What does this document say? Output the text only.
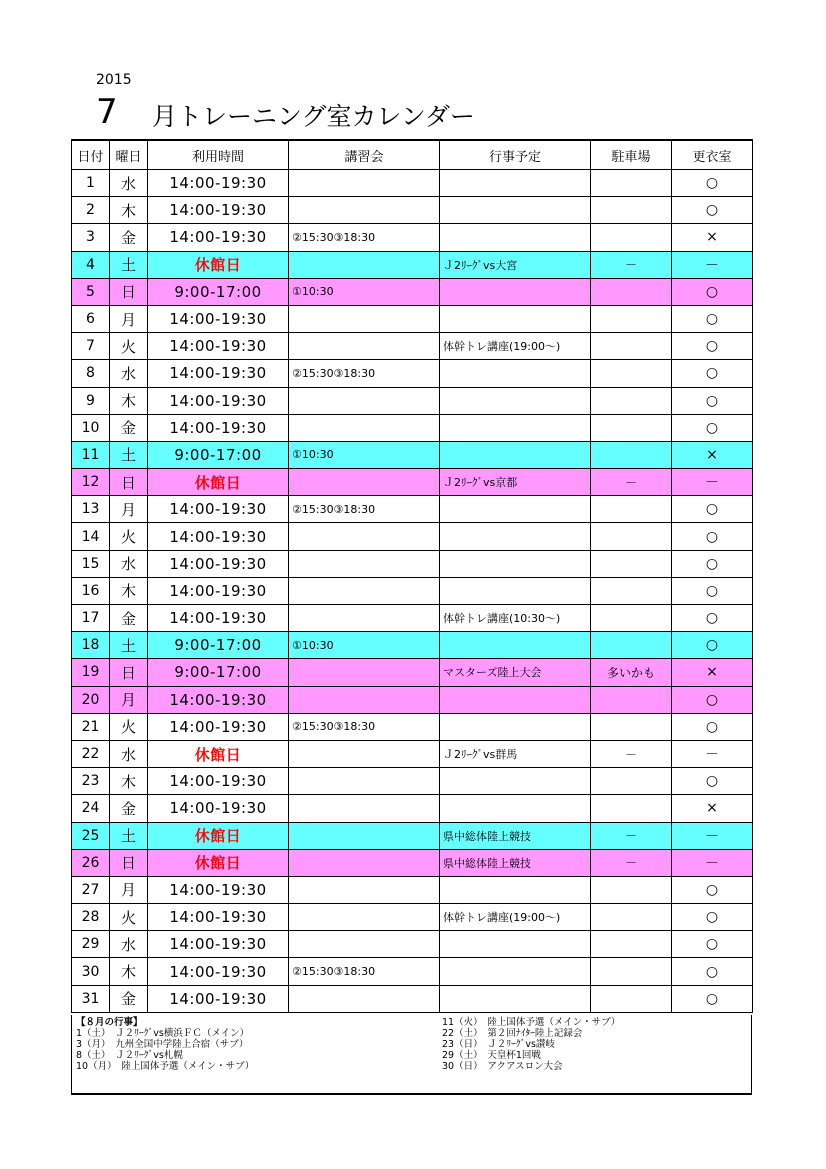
2015
7 月トレーニング室カレンダー
日付	曜日	利用時間	講習会	行事予定	駐車場	更衣室
1	水	14:00-19:30				○
2	木	14:00-19:30				○
3	金	14:00-19:30	②15:30③18:30			×
4	土	休館日		Ｊ2ﾘｰｸﾞvs大宮	－	－
5	日	9:00-17:00	①10:30			○
6	月	14:00-19:30				○
7	火	14:00-19:30		体幹トレ講座(19:00～)		○
8	水	14:00-19:30	②15:30③18:30			○
9	木	14:00-19:30				○
10	金	14:00-19:30				○
11	土	9:00-17:00	①10:30			×
12	日	休館日		Ｊ2ﾘｰｸﾞvs京都	－	－
13	月	14:00-19:30	②15:30③18:30			○
14	火	14:00-19:30				○
15	水	14:00-19:30				○
16	木	14:00-19:30				○
17	金	14:00-19:30		体幹トレ講座(10:30～)		○
18	土	9:00-17:00	①10:30			○
19	日	9:00-17:00		マスターズ陸上大会	多いかも	×
20	月	14:00-19:30				○
21	火	14:00-19:30	②15:30③18:30			○
22	水	休館日		Ｊ2ﾘｰｸﾞvs群馬	－	－
23	木	14:00-19:30				○
24	金	14:00-19:30				×
25	土	休館日		県中総体陸上競技	－	－
26	日	休館日		県中総体陸上競技	－	－
27	月	14:00-19:30				○
28	火	14:00-19:30		体幹トレ講座(19:00～)		○
29	水	14:00-19:30				○
30	木	14:00-19:30	②15:30③18:30			○
31	金	14:00-19:30				○
【８月の行事】
1（土）　Ｊ２ﾘｰｸﾞvs横浜ＦＣ（メイン）
3（月）　九州全国中学陸上合宿（サブ）
8（土）　Ｊ２ﾘｰｸﾞvs札幌
10（月）　陸上国体予選（メイン・サブ）
11（火）　陸上国体予選（メイン・サブ）
22（土）　第２回ﾅｲﾀｰ陸上記録会
23（日）　Ｊ２ﾘｰｸﾞvs讃岐
29（土）　天皇杯1回戦
30（日）　アクアスロン大会
